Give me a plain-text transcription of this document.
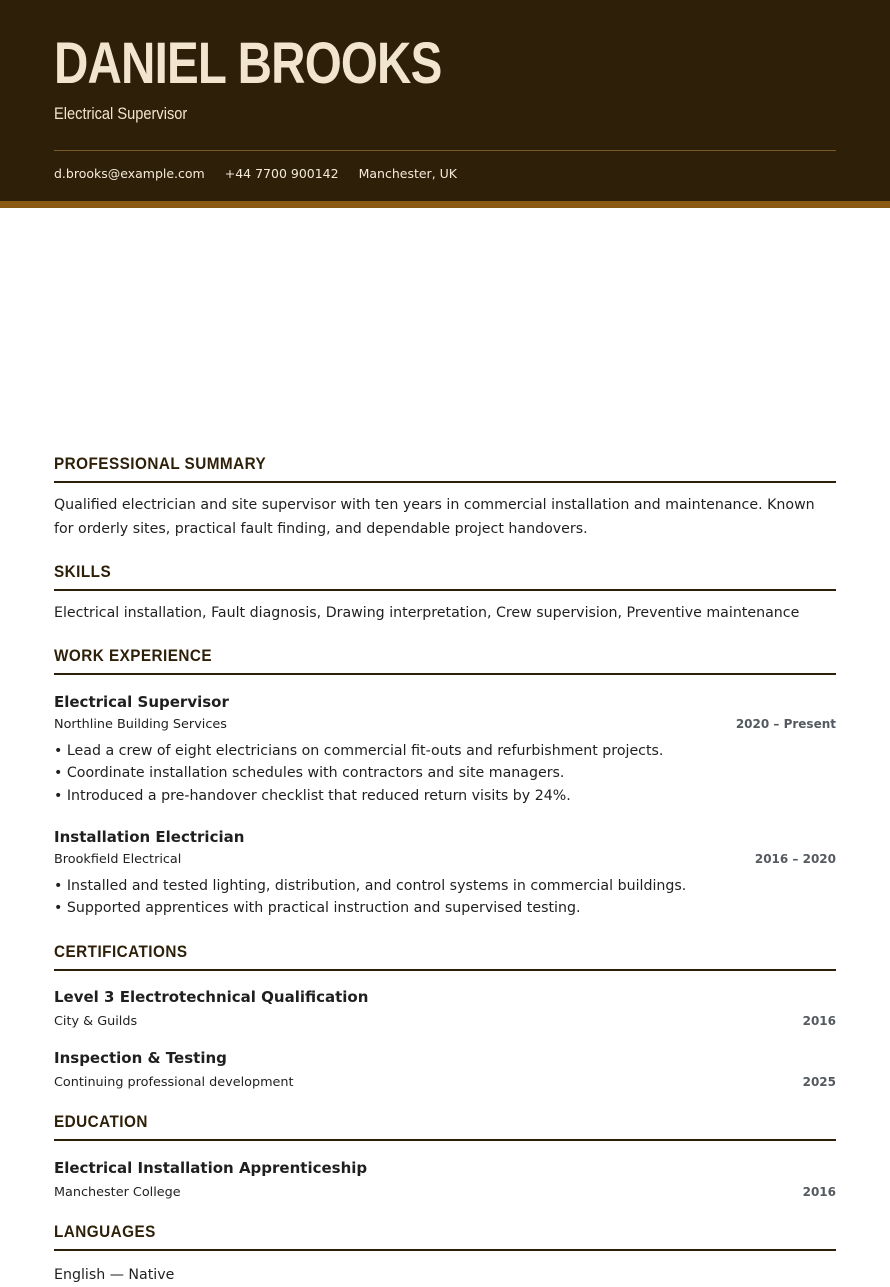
DANIEL BROOKS
Electrical Supervisor
d.brooks@example.com +44 7700 900142 Manchester, UK
PROFESSIONAL SUMMARY

Qualified electrician and site supervisor with ten years in commercial installation and maintenance. Known for orderly sites, practical fault finding, and dependable project handovers.

SKILLS

Electrical installation, Fault diagnosis, Drawing interpretation, Crew supervision, Preventive maintenance

WORK EXPERIENCE
Electrical Supervisor
Northline Building Services	2020 – Present
• Lead a crew of eight electricians on commercial fit-outs and refurbishment projects.
• Coordinate installation schedules with contractors and site managers.
• Introduced a pre-handover checklist that reduced return visits by 24%.
Installation Electrician
Brookfield Electrical	2016 – 2020
• Installed and tested lighting, distribution, and control systems in commercial buildings.
• Supported apprentices with practical instruction and supervised testing.
CERTIFICATIONS
Level 3 Electrotechnical Qualification
City & Guilds	2016
Inspection & Testing
Continuing professional development	2025
EDUCATION
Electrical Installation Apprenticeship
Manchester College	2016
LANGUAGES

English — Native
